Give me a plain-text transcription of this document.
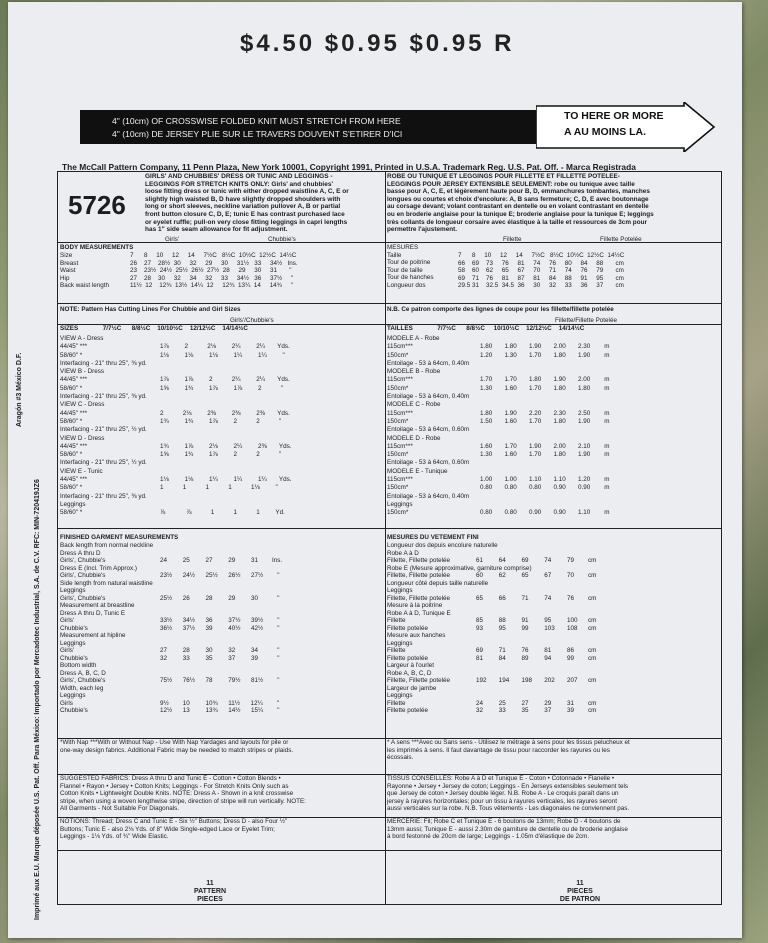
$4.50 $0.95 $0.95 R
4" (10cm) OF CROSSWISE FOLDED KNIT MUST STRETCH FROM HERE
4" (10cm) DE JERSEY PLIE SUR LE TRAVERS DOUVENT S'ETIRER D'ICI
TO HERE OR MORE
A AU MOINS LA.
The McCall Pattern Company, 11 Penn Plaza, New York 10001, Copyright 1991, Printed in U.S.A. Trademark Reg. U.S. Pat. Off. - Marca Registrada
Imprimé aux E.U. Marque déposée U.S. Pat. Off. Para México: Importado por Mercadotec Industrial, S.A. de C.V. RFC: MIN-720419JZ6
Aragón #3 México D.F.
5726
GIRLS' AND CHUBBIES' DRESS OR TUNIC AND LEGGINGS -
LEGGINGS FOR STRETCH KNITS ONLY: Girls' and chubbies'
loose fitting dress or tunic with either dropped waistline A, C, E or
slightly high waisted B, D have slightly dropped shoulders with
long or short sleeves, neckline variation pullover A, B or partial
front button closure C, D, E; tunic E has contrast purchased lace
or eyelet ruffle; pull-on very close fitting leggings in capri lengths
has 1" side seam allowance for fit adjustment.
BODY MEASUREMENTS
Girls'	Chubbie's
Size
Breast
Waist
Hip
Back waist length
7      8     10     12     14     7½C   8½C  10½C  12½C  14½C
26    27    28½  30     32     29     30     31½   33     34½   Ins.
23    23½  24½  25½  26½  27½  28     29     30     31       "
27    28    30     32     34     32     33     34½   36     37½     "
11½  12    12¾  13½  14¼  12     12¾  13¼  14     14¾     "
NOTE: Pattern Has Cutting Lines For Chubbie and Girl Sizes
Girls'/Chubbie's
SIZES              7/7½C      8/8½C    10/10½C    12/12½C    14/14½C
VIEW A - Dress
44/45" ***
58/60" *
Interfacing - 21" thru 25", ⅜ yd.
VIEW B - Dress
44/45" ***
58/60" *
Interfacing - 21" thru 25", ⅜ yd.
VIEW C - Dress
44/45" ***
58/60" *
Interfacing - 21" thru 25", ½ yd.
VIEW D - Dress
44/45" ***
58/60" *
Interfacing - 21" thru 25", ½ yd.
VIEW E - Tunic
44/45" ***
58/60" *
Interfacing - 21" thru 25", ⅜ yd.
Leggings
58/60" *

1⅞         2           2⅛         2¼         2¼       Yds.
1⅛         1⅛         1⅛         1¼         1¼         "

1⅞         1⅞         2           2¼         2¼       Yds.
1⅝         1¾         1⅞         1⅞         2           "

2           2⅛         2⅜         2⅜         2⅜       Yds.
1¾         1¾         1⅞         2           2           "

1¾         1⅞         2⅛         2¼         2⅜       Yds.
1⅝         1¾         1⅞         2           2           "

1⅛         1⅛         1¼         1¼         1¼       Yds.
1           1           1           1           1⅛         "

⅞            ⅞           1           1           1         Yd.
FINISHED GARMENT MEASUREMENTS
Back length from normal neckline
Dress A thru D
Girls', Chubbie's
Dress E (Incl. Trim Approx.)
Girls', Chubbie's
Side length from natural waistline
Leggings
Girls', Chubbie's
Measurement at breastline
Dress A thru D, Tunic E
Girls'
Chubbie's
Measurement at hipline
Leggings
Girls'
Chubbie's
Bottom width
Dress A, B, C, D
Girls', Chubbie's
Width, each leg
Leggings
Girls
Chubbie's

24         25         27         29         31        Ins.

23½      24½      25½      26½      27½        "

25½      26         28         29         30           "

33½      34½      36         37½      39½        "
36½      37½      39         40½      42½        "

27         28         30         32         34           "
32         33         35         37         39           "

75½      76½      78         79½      81½        "

9½        10         10¾      11½      12¼        "
12½      13         13¾      14½      15¼        "
*With Nap ***With or Without Nap - Use With Nap Yardages and layouts for pile or
one-way design fabrics. Additional Fabric may be needed to match stripes or plaids.
SUGGESTED FABRICS: Dress A thru D and Tunic E - Cotton • Cotton Blends •
Flannel • Rayon • Jersey • Cotton Knits; Leggings - For Stretch Knits Only such as
Cotton Knits • Lightweight Double Knits. NOTE: Dress A - Shown in a knit crosswise
stripe, when using a woven lengthwise stripe, direction of stripe will run vertically. NOTE:
All Garments - Not Suitable For Diagonals.
NOTIONS: Thread; Dress C and Tunic E - Six ½" Buttons; Dress D - also Four ½"
Buttons; Tunic E - also 2⅛ Yds. of 8" Wide Single-edged Lace or Eyelet Trim;
Leggings - 1⅛ Yds. of ¾" Wide Elastic.
ROBE OU TUNIQUE ET LEGGINGS POUR FILLETTE ET FILLETTE POTELEE-
LEGGINGS POUR JERSEY EXTENSIBLE SEULEMENT: robe ou tunique avec taille
basse pour A, C, E, et légèrement haute pour B, D, emmanchures tombantes, manches
longues ou courtes et choix d'encolure: A, B sans fermeture; C, D, E avec boutonnage
au corsage devant; volant contrastant en dentelle ou en volant contrastant en dentelle
ou en broderie anglaise pour la tunique E; broderie anglaise pour la tunique E; leggings
très collants de longueur corsaire avec élastique à la taille et ressources de 3cm pour
permettre l'ajustement.
Fillette	Fillette Potelée
MESURES
Taille
Tour de poitrine
Tour de taille
Tour de hanches
Longueur dos
7      8     10     12     14     7½C   8½C  10½C  12½C  14½C
66    69    73     76     81     74     76     80     84     88       cm
58    60    62     65     67     70     71     74     76     79       cm
69    71    76     81     87     81     84     88     91     95       cm
29.5 31    32.5  34.5  36     30     32     33     36     37       cm
N.B. Ce patron comporte des lignes de coupe pour les fillette/fillette potelée
Fillette/Fillette Potelée
TAILLES              7/7½C      8/8½C     10/10½C    12/12½C    14/14½C
MODELE A - Robe
115cm***
150cm*
Entoilage - 53 à 64cm, 0.40m
MODELE B - Robe
115cm***
150cm*
Entoilage - 53 à 64cm, 0.40m
MODELE C - Robe
115cm***
150cm*
Entoilage - 53 à 64cm, 0.60m
MODELE D - Robe
115cm***
150cm*
Entoilage - 53 à 64cm, 0.60m
MODELE E - Tunique
115cm***
150cm*
Entoilage - 53 à 64cm, 0.40m
Leggings
150cm*

1.80       1.80       1.90       2.00       2.30        m
1.20       1.30       1.70       1.80       1.90        m

1.70       1.70       1.80       1.90       2.00        m
1.30       1.60       1.70       1.80       1.80        m

1.80       1.90       2.20       2.30       2.50        m
1.50       1.60       1.70       1.80       1.90        m

1.60       1.70       1.90       2.00       2.10        m
1.30       1.60       1.70       1.80       1.90        m

1.00       1.00       1.10       1.10       1.20        m
0.80       0.80       0.80       0.90       0.90        m

0.80       0.80       0.90       0.90       1.10        m
MESURES DU VETEMENT FINI
Longueur dos depuis encolure naturelle
Robe A à D
Fillette, Fillette potelée
Robe E (Mesure approximative, garniture comprise)
Fillette, Fillette potelée
Longueur côté depuis taille naturelle
Leggings
Fillette, Fillette potelée
Mesure à la poitrine
Robe A à D, Tunique E
Fillette
Fillette potelée
Mesure aux hanches
Leggings
Fillette
Fillette potelée
Largeur à l'ourlet
Robe A, B, C, D
Fillette, Fillette potelée
Largeur de jambe
Leggings
Fillette
Fillette potelée

61         64         69         74         79        cm

60         62         65         67         70        cm

65         66         71         74         76        cm

85         88         91         95         100      cm
93         95         99         103       108      cm

69         71         76         81         86        cm
81         84         89         94         99        cm

192       194       198       202       207      cm

24         25         27         29         31        cm
32         33         35         37         39        cm
* A sens ***Avec ou Sans sens - Utilisez le métrage à sens pour les tissus pelucheux et
les imprimés à sens. Il faut davantage de tissu pour raccorder les rayures ou les
écossais.
TISSUS CONSEILLES: Robe A à D et Tunique E - Coton • Cotonnade • Flanelle •
Rayonne • Jersey • Jersey de coton; Leggings - En Jerseys extensibles seulement tels
que Jersey de coton • Jersey double léger. N.B. Robe A - Le croquis paraît dans un
jersey à rayures horizontales; pour un tissu à rayures verticales, les rayures seront
aussi verticales sur la robe. N.B. Tous vêtements - Les diagonales ne conviennent pas.
MERCERIE: Fil; Robe C et Tunique E - 6 boutons de 13mm; Robe D - 4 boutons de
13mm aussi; Tunique E - aussi 2.30m de garniture de dentelle ou de broderie anglaise
à bord festonné de 20cm de large; Leggings - 1.05m d'élastique de 2cm.
11
PATTERN
PIECES
11
PIECES
DE PATRON
